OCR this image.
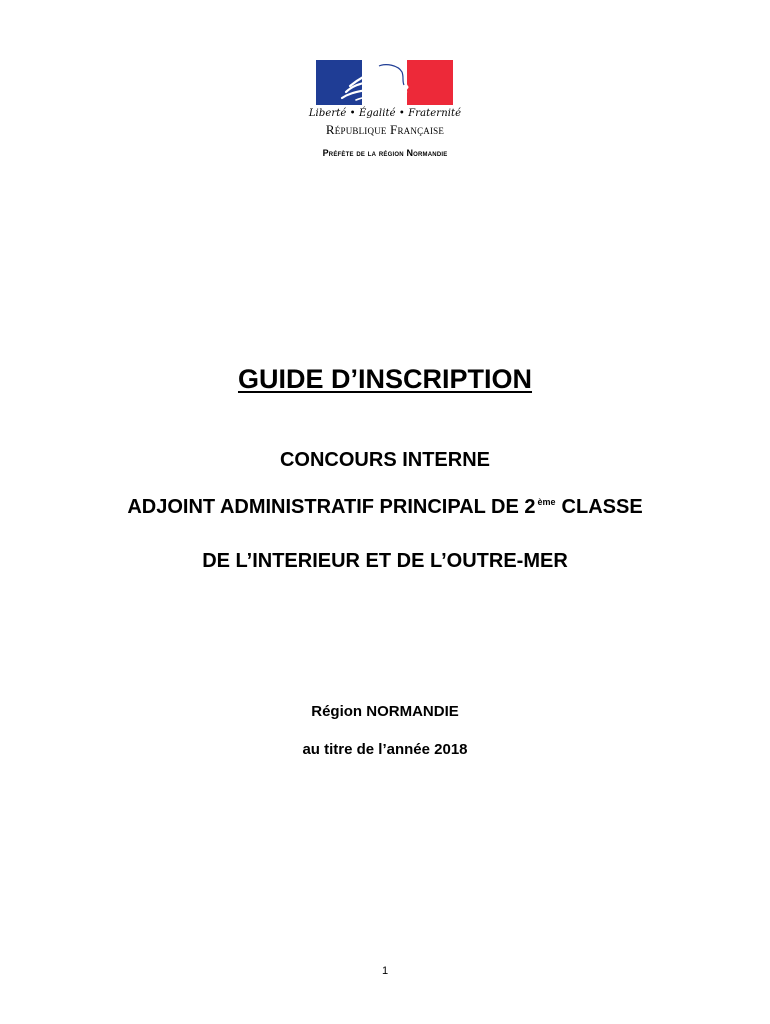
Liberté • Égalité • Fraternité
République Française
Préfète de la région Normandie
GUIDE D’INSCRIPTION
CONCOURS INTERNE
ADJOINT ADMINISTRATIF PRINCIPAL DE 2 $^{ème}$ CLASSE
DE L’INTERIEUR ET DE L’OUTRE-MER
Région NORMANDIE
au titre de l’année 2018
1
